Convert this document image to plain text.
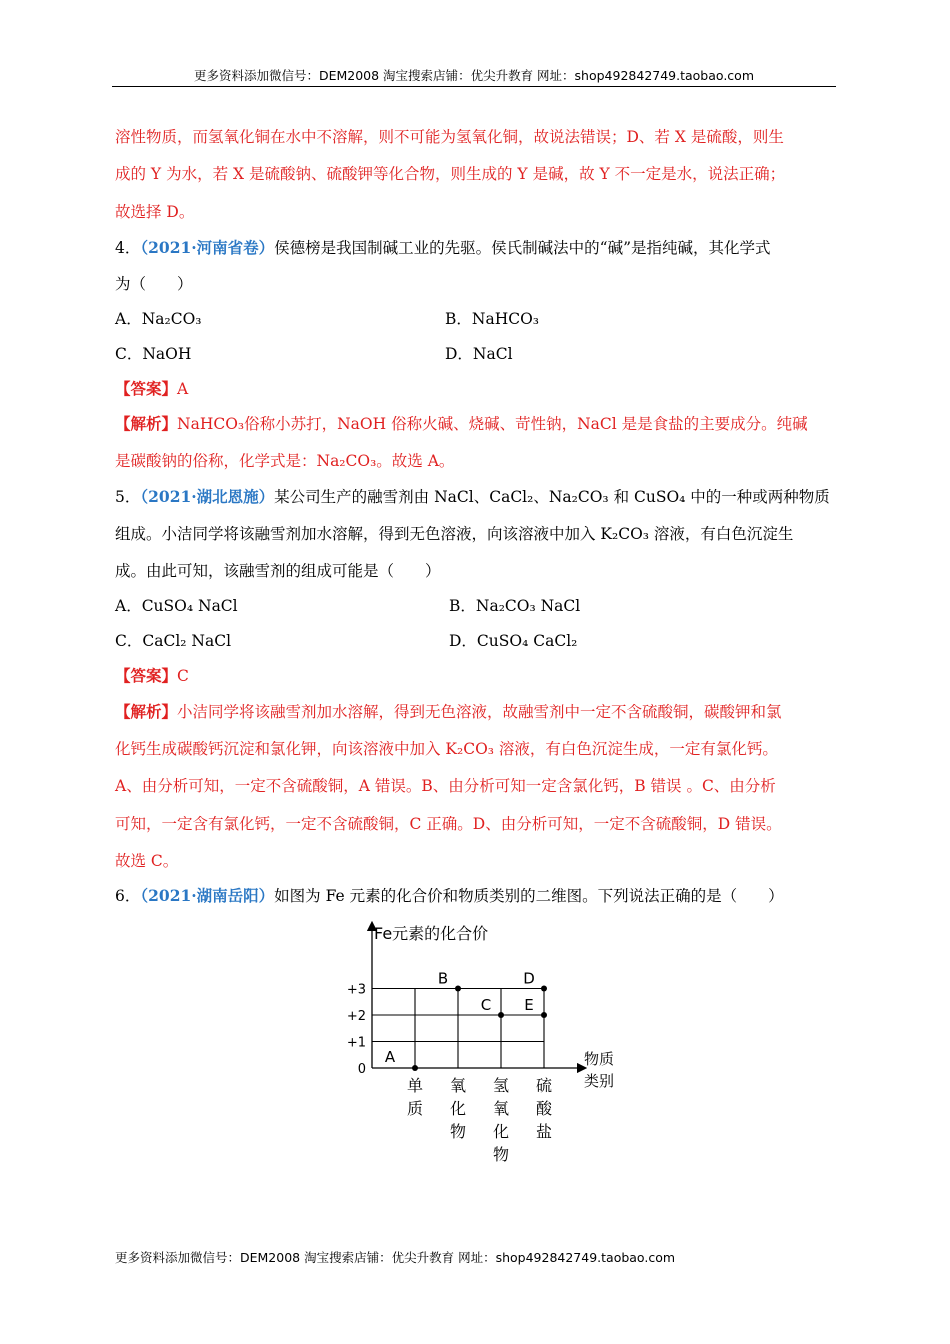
更多资料添加微信号：DEM2008 淘宝搜索店铺：优尖升教育 网址：shop492842749.taobao.com
溶性物质，而氢氧化铜在水中不溶解，则不可能为氢氧化铜，故说法错误；D、若 X 是硫酸，则生
成的 Y 为水，若 X 是硫酸钠、硫酸钾等化合物，则生成的 Y 是碱，故 Y 不一定是水，说法正确；
故选择 D。
4．（2021·河南省卷）侯德榜是我国制碱工业的先驱。侯氏制碱法中的“碱”是指纯碱，其化学式
为（　　）
A．Na₂CO₃	B．NaHCO₃
C．NaOH	D．NaCl
【答案】A
【解析】NaHCO₃俗称小苏打，NaOH 俗称火碱、烧碱、苛性钠，NaCl 是是食盐的主要成分。纯碱
是碳酸钠的俗称，化学式是：Na₂CO₃。故选 A。
5．（2021·湖北恩施）某公司生产的融雪剂由 NaCl、CaCl₂、Na₂CO₃ 和 CuSO₄ 中的一种或两种物质
组成。小洁同学将该融雪剂加水溶解，得到无色溶液，向该溶液中加入 K₂CO₃ 溶液，有白色沉淀生
成。由此可知，该融雪剂的组成可能是（　　）
A．CuSO₄ NaCl	B．Na₂CO₃ NaCl
C．CaCl₂ NaCl	D．CuSO₄ CaCl₂
【答案】C
【解析】小洁同学将该融雪剂加水溶解，得到无色溶液，故融雪剂中一定不含硫酸铜，碳酸钾和氯
化钙生成碳酸钙沉淀和氯化钾，向该溶液中加入 K₂CO₃ 溶液，有白色沉淀生成，一定有氯化钙。
A、由分析可知，一定不含硫酸铜，A 错误。B、由分析可知一定含氯化钙，B 错误 。C、由分析
可知，一定含有氯化钙，一定不含硫酸铜，C 正确。D、由分析可知，一定不含硫酸铜，D 错误。
故选 C。
6．（2021·湖南岳阳）如图为 Fe 元素的化合价和物质类别的二维图。下列说法正确的是（　　）
Fe元素的化合价
物质
类别
+3
+2
+1
0
单
质
氧
化
物
氢
氧
化
物
硫
酸
盐
A
B
C
D
E
更多资料添加微信号：DEM2008 淘宝搜索店铺：优尖升教育 网址：shop492842749.taobao.com
